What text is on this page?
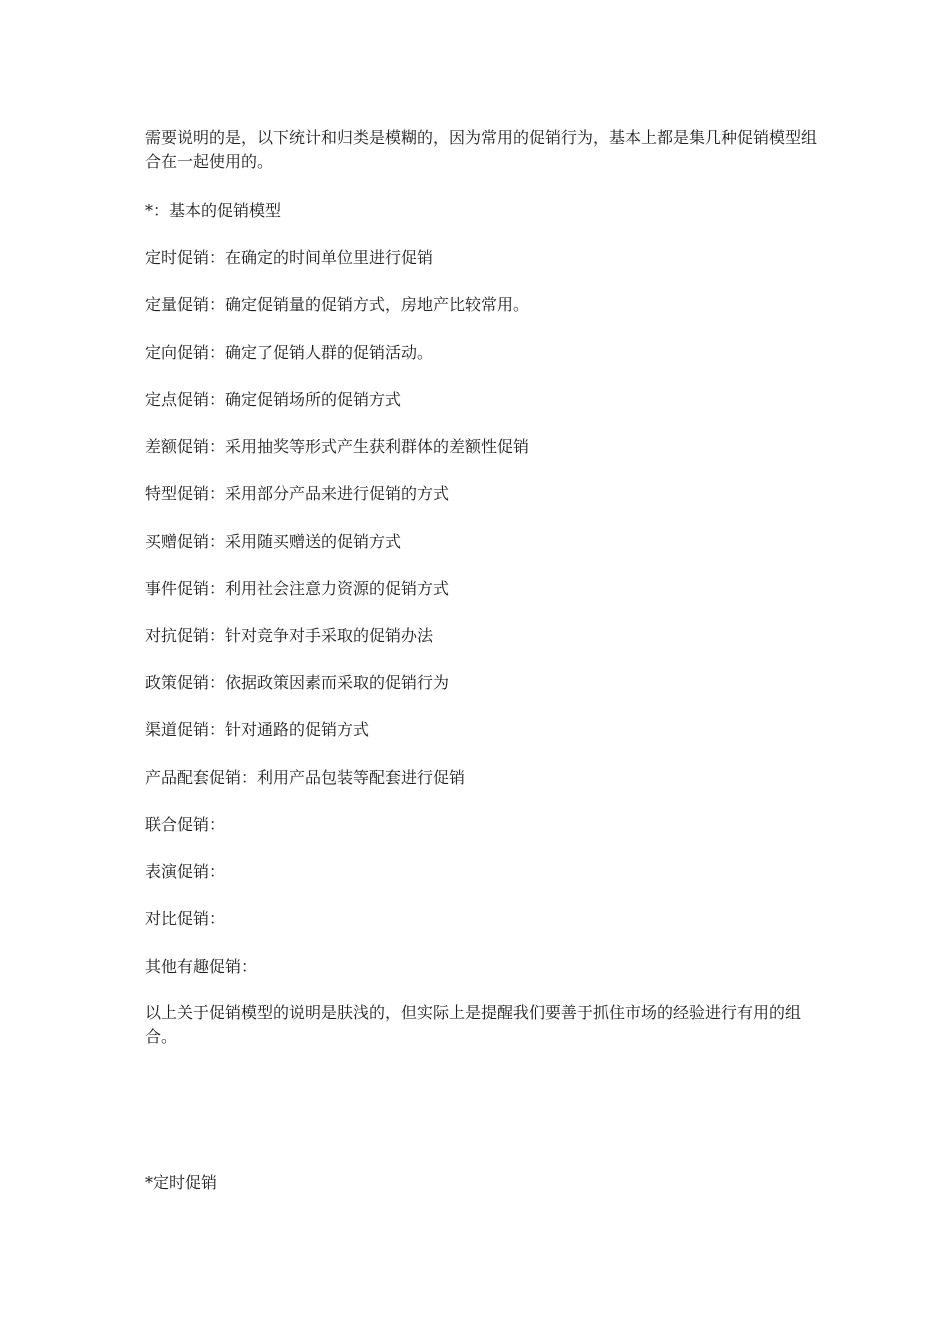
需要说明的是，以下统计和归类是模糊的，因为常用的促销行为，基本上都是集几种促销模型组合在一起使用的。

*：基本的促销模型

定时促销：在确定的时间单位里进行促销

定量促销：确定促销量的促销方式，房地产比较常用。

定向促销：确定了促销人群的促销活动。

定点促销：确定促销场所的促销方式

差额促销：采用抽奖等形式产生获利群体的差额性促销

特型促销：采用部分产品来进行促销的方式

买赠促销：采用随买赠送的促销方式

事件促销：利用社会注意力资源的促销方式

对抗促销：针对竞争对手采取的促销办法

政策促销：依据政策因素而采取的促销行为

渠道促销：针对通路的促销方式

产品配套促销：利用产品包装等配套进行促销

联合促销：

表演促销：

对比促销：

其他有趣促销：

以上关于促销模型的说明是肤浅的，但实际上是提醒我们要善于抓住市场的经验进行有用的组合。

*定时促销
